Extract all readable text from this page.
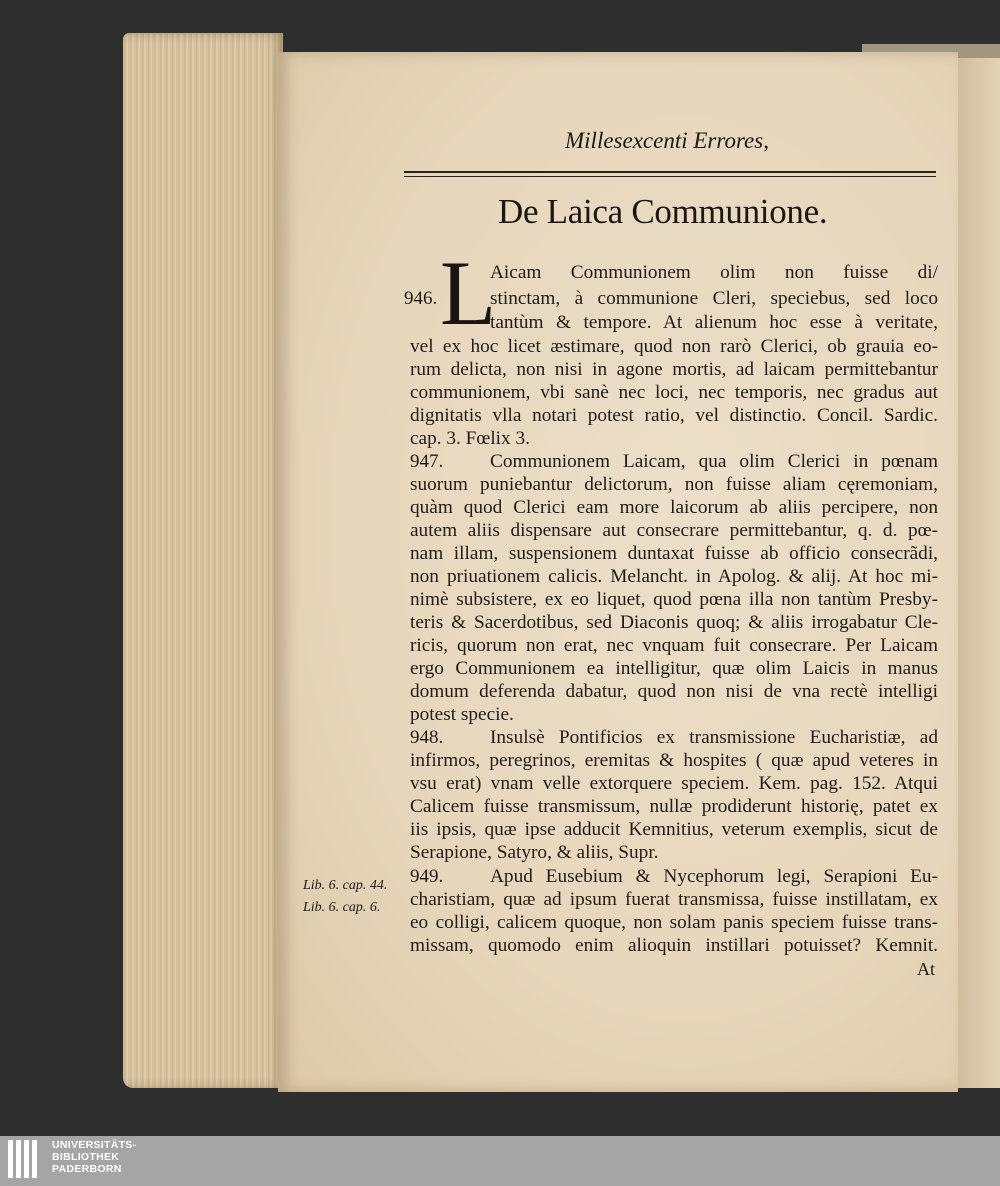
Millesexcenti Errores,
De Laica Communione.
L
Aicam Communionem olim non fuisse di/
stinctam, à communione Cleri, speciebus, sed loco
tantùm & tempore. At alienum hoc esse à veritate,
vel ex hoc licet æstimare, quod non rarò Clerici, ob grauia eo-
rum delicta, non nisi in agone mortis, ad laicam permittebantur
communionem, vbi sanè nec loci, nec temporis, nec gradus aut
dignitatis vlla notari potest ratio, vel distinctio. Concil. Sardic.
cap. 3. Fœlix 3.
Communionem Laicam, qua olim Clerici in pœnam
suorum puniebantur delictorum, non fuisse aliam cęremoniam,
quàm quod Clerici eam more laicorum ab aliis percipere, non
autem aliis dispensare aut consecrare permittebantur, q. d. pœ-
nam illam, suspensionem duntaxat fuisse ab officio consecrãdi,
non priuationem calicis. Melancht. in Apolog. & alij. At hoc mi-
nimè subsistere, ex eo liquet, quod pœna illa non tantùm Presby-
teris & Sacerdotibus, sed Diaconis quoq; & aliis irrogabatur Cle-
ricis, quorum non erat, nec vnquam fuit consecrare. Per Laicam
ergo Communionem ea intelligitur, quæ olim Laicis in manus
domum deferenda dabatur, quod non nisi de vna rectè intelligi
potest specie.
Insulsè Pontificios ex transmissione Eucharistiæ, ad
infirmos, peregrinos, eremitas & hospites ( quæ apud veteres in
vsu erat) vnam velle extorquere speciem. Kem. pag. 152. Atqui
Calicem fuisse transmissum, nullæ prodiderunt historię, patet ex
iis ipsis, quæ ipse adducit Kemnitius, veterum exemplis, sicut de
Serapione, Satyro, & aliis, Supr.
Apud Eusebium & Nycephorum legi, Serapioni Eu-
charistiam, quæ ad ipsum fuerat transmissa, fuisse instillatam, ex
eo colligi, calicem quoque, non solam panis speciem fuisse trans-
missam, quomodo enim alioquin instillari potuisset? Kemnit.
946.
947.
948.
949.
Lib. 6. cap. 44.
Lib. 6. cap. 6.
At
UNIVERSITÄTS-
BIBLIOTHEK
PADERBORN
